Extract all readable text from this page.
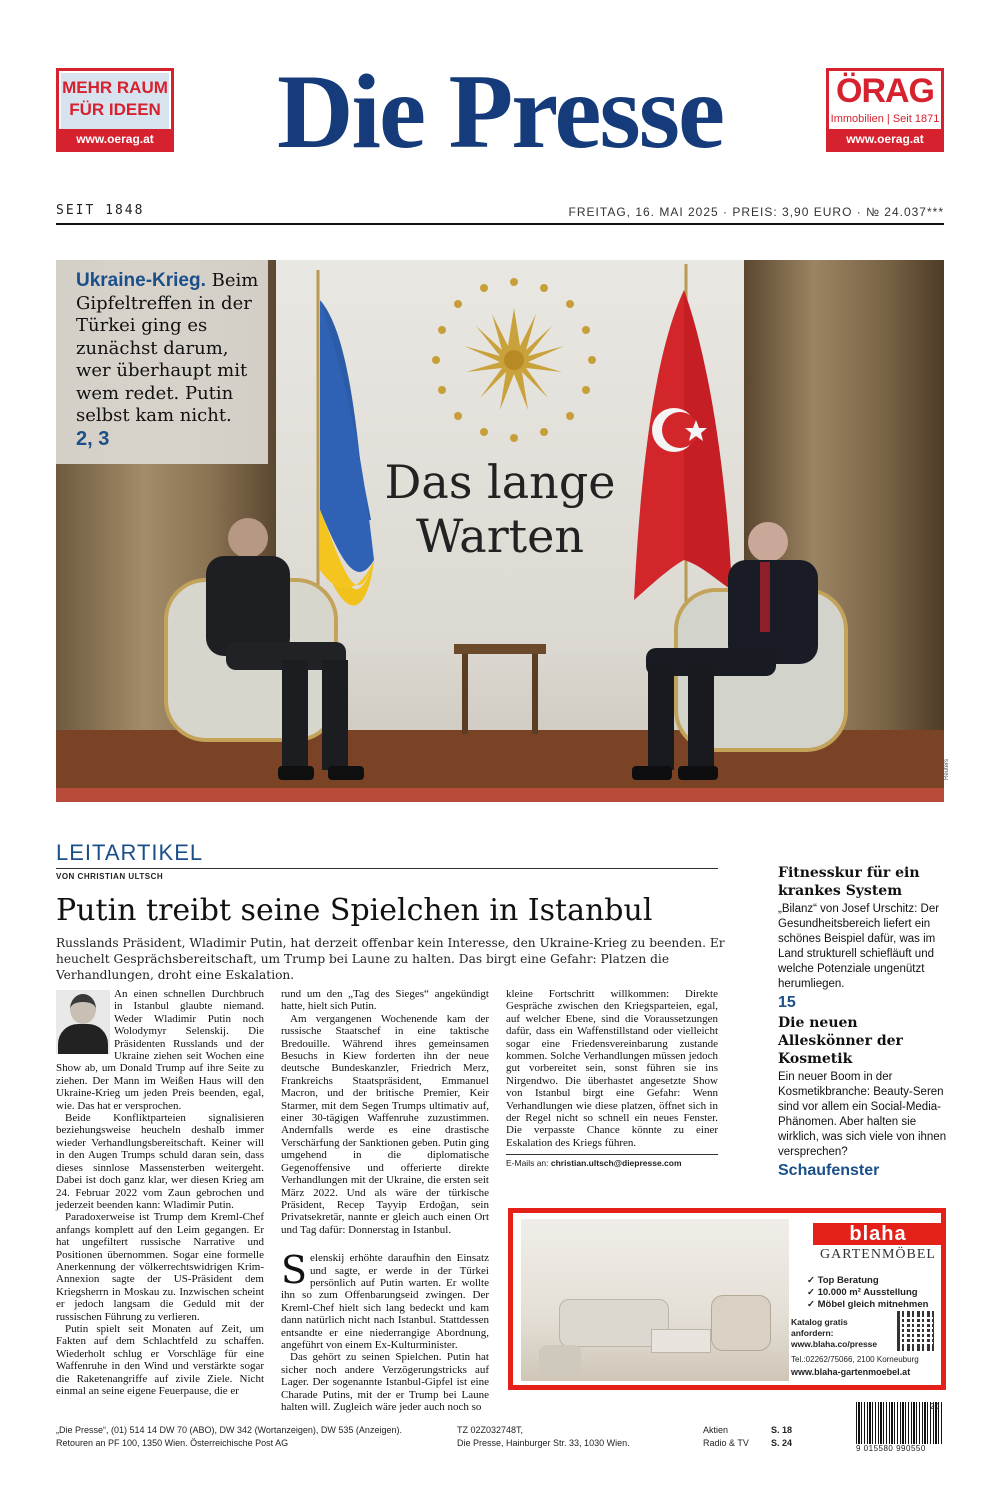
MEHR RAUM
FÜR IDEEN
www.oerag.at	Die Presse	ÖRAG
Immobilien | Seit 1871
www.oerag.at
SEIT 1848	FREITAG, 16. MAI 2025 · PREIS: 3,90 EURO · № 24.037***
Ukraine-Krieg. Beim Gipfeltreffen in der Türkei ging es zunächst darum, wer überhaupt mit wem redet. Putin selbst kam nicht.
2, 3
Das lange
Warten
Reuters
LEITARTIKEL
VON CHRISTIAN ULTSCH
Putin treibt seine Spielchen in Istanbul
Russlands Präsident, Wladimir Putin, hat derzeit offenbar kein Interesse, den Ukraine-Krieg zu beenden. Er heuchelt Gesprächsbereitschaft, um Trump bei Laune zu halten. Das birgt eine Gefahr: Platzen die Verhandlungen, droht eine Eskalation.

An einen schnellen Durchbruch in Istanbul glaubte niemand. Weder Wladimir Putin noch Wolodymyr Selenskij. Die Präsidenten Russlands und der Ukraine ziehen seit Wochen eine Show ab, um Donald Trump auf ihre Seite zu ziehen. Der Mann im Weißen Haus will den Ukraine-Krieg um jeden Preis beenden, egal, wie. Das hat er versprochen.

Beide Konfliktparteien signalisieren beziehungsweise heucheln deshalb immer wieder Verhandlungsbereitschaft. Keiner will in den Augen Trumps schuld daran sein, dass dieses sinnlose Massensterben weitergeht. Dabei ist doch ganz klar, wer diesen Krieg am 24. Februar 2022 vom Zaun gebrochen und jederzeit beenden kann: Wladimir Putin.

Paradoxerweise ist Trump dem Kreml-Chef anfangs komplett auf den Leim gegangen. Er hat ungefiltert russische Narrative und Positionen übernommen. Sogar eine formelle Anerkennung der völkerrechtswidrigen Krim-Annexion sagte der US-Präsident dem Kriegsherrn in Moskau zu. Inzwischen scheint er jedoch langsam die Geduld mit der russischen Führung zu verlieren.

Putin spielt seit Monaten auf Zeit, um Fakten auf dem Schlachtfeld zu schaffen. Wiederholt schlug er Vorschläge für eine Waffenruhe in den Wind und verstärkte sogar die Raketenangriffe auf zivile Ziele. Nicht einmal an seine eigene Feuerpause, die er

rund um den „Tag des Sieges“ angekündigt hatte, hielt sich Putin.

Am vergangenen Wochenende kam der russische Staatschef in eine taktische Bredouille. Während ihres gemeinsamen Besuchs in Kiew forderten ihn der neue deutsche Bundeskanzler, Friedrich Merz, Frankreichs Staatspräsident, Emmanuel Macron, und der britische Premier, Keir Starmer, mit dem Segen Trumps ultimativ auf, einer 30-tägigen Waffenruhe zuzustimmen. Andernfalls werde es eine drastische Verschärfung der Sanktionen geben. Putin ging umgehend in die diplomatische Gegenoffensive und offerierte direkte Verhandlungen mit der Ukraine, die ersten seit März 2022. Und als wäre der türkische Präsident, Recep Tayyip Erdoğan, sein Privatsekretär, nannte er gleich auch einen Ort und Tag dafür: Donnerstag in Istanbul.

Selenskij erhöhte daraufhin den Einsatz und sagte, er werde in der Türkei persönlich auf Putin warten. Er wollte ihn so zum Offenbarungseid zwingen. Der Kreml-Chef hielt sich lang bedeckt und kam dann natürlich nicht nach Istanbul. Stattdessen entsandte er eine niederrangige Abordnung, angeführt von einem Ex-Kulturminister.

Das gehört zu seinen Spielchen. Putin hat sicher noch andere Verzögerungstricks auf Lager. Der sogenannte Istanbul-Gipfel ist eine Charade Putins, mit der er Trump bei Laune halten will. Zugleich wäre jeder auch noch so

kleine Fortschritt willkommen: Direkte Gespräche zwischen den Kriegsparteien, egal, auf welcher Ebene, sind die Voraussetzungen dafür, dass ein Waffenstillstand oder vielleicht sogar eine Friedensvereinbarung zustande kommen. Solche Verhandlungen müssen jedoch gut vorbereitet sein, sonst führen sie ins Nirgendwo. Die überhastet angesetzte Show von Istanbul birgt eine Gefahr: Wenn Verhandlungen wie diese platzen, öffnet sich in der Regel nicht so schnell ein neues Fenster. Die verpasste Chance könnte zu einer Eskalation des Kriegs führen.

E-Mails an: christian.ultsch@diepresse.com
Fitnesskur für ein krankes System
„Bilanz“ von Josef Urschitz: Der Gesundheitsbereich liefert ein schönes Beispiel dafür, was im Land strukturell schiefläuft und welche Potenziale ungenützt herumliegen.
15
Die neuen Alleskönner der Kosmetik
Ein neuer Boom in der Kosmetikbranche: Beauty-Seren sind vor allem ein Social-Media-Phänomen. Aber halten sie wirklich, was sich viele von ihnen versprechen?
Schaufenster
blaha
GARTENMÖBEL
✓ Top Beratung
✓ 10.000 m² Ausstellung
✓ Möbel gleich mitnehmen
Katalog gratis anfordern:
www.blaha.co/presse
Tel.:02262/75066, 2100 Korneuburg
www.blaha-gartenmoebel.at
„Die Presse“, (01) 514 14 DW 70 (ABO), DW 342 (Wortanzeigen), DW 535 (Anzeigen).
Retouren an PF 100, 1350 Wien. Österreichische Post AG
TZ 02Z032748T,
Die Presse, Hainburger Str. 33, 1030 Wien.
Aktien	S. 18
Radio & TV S. 24
20
9 015580 990550
